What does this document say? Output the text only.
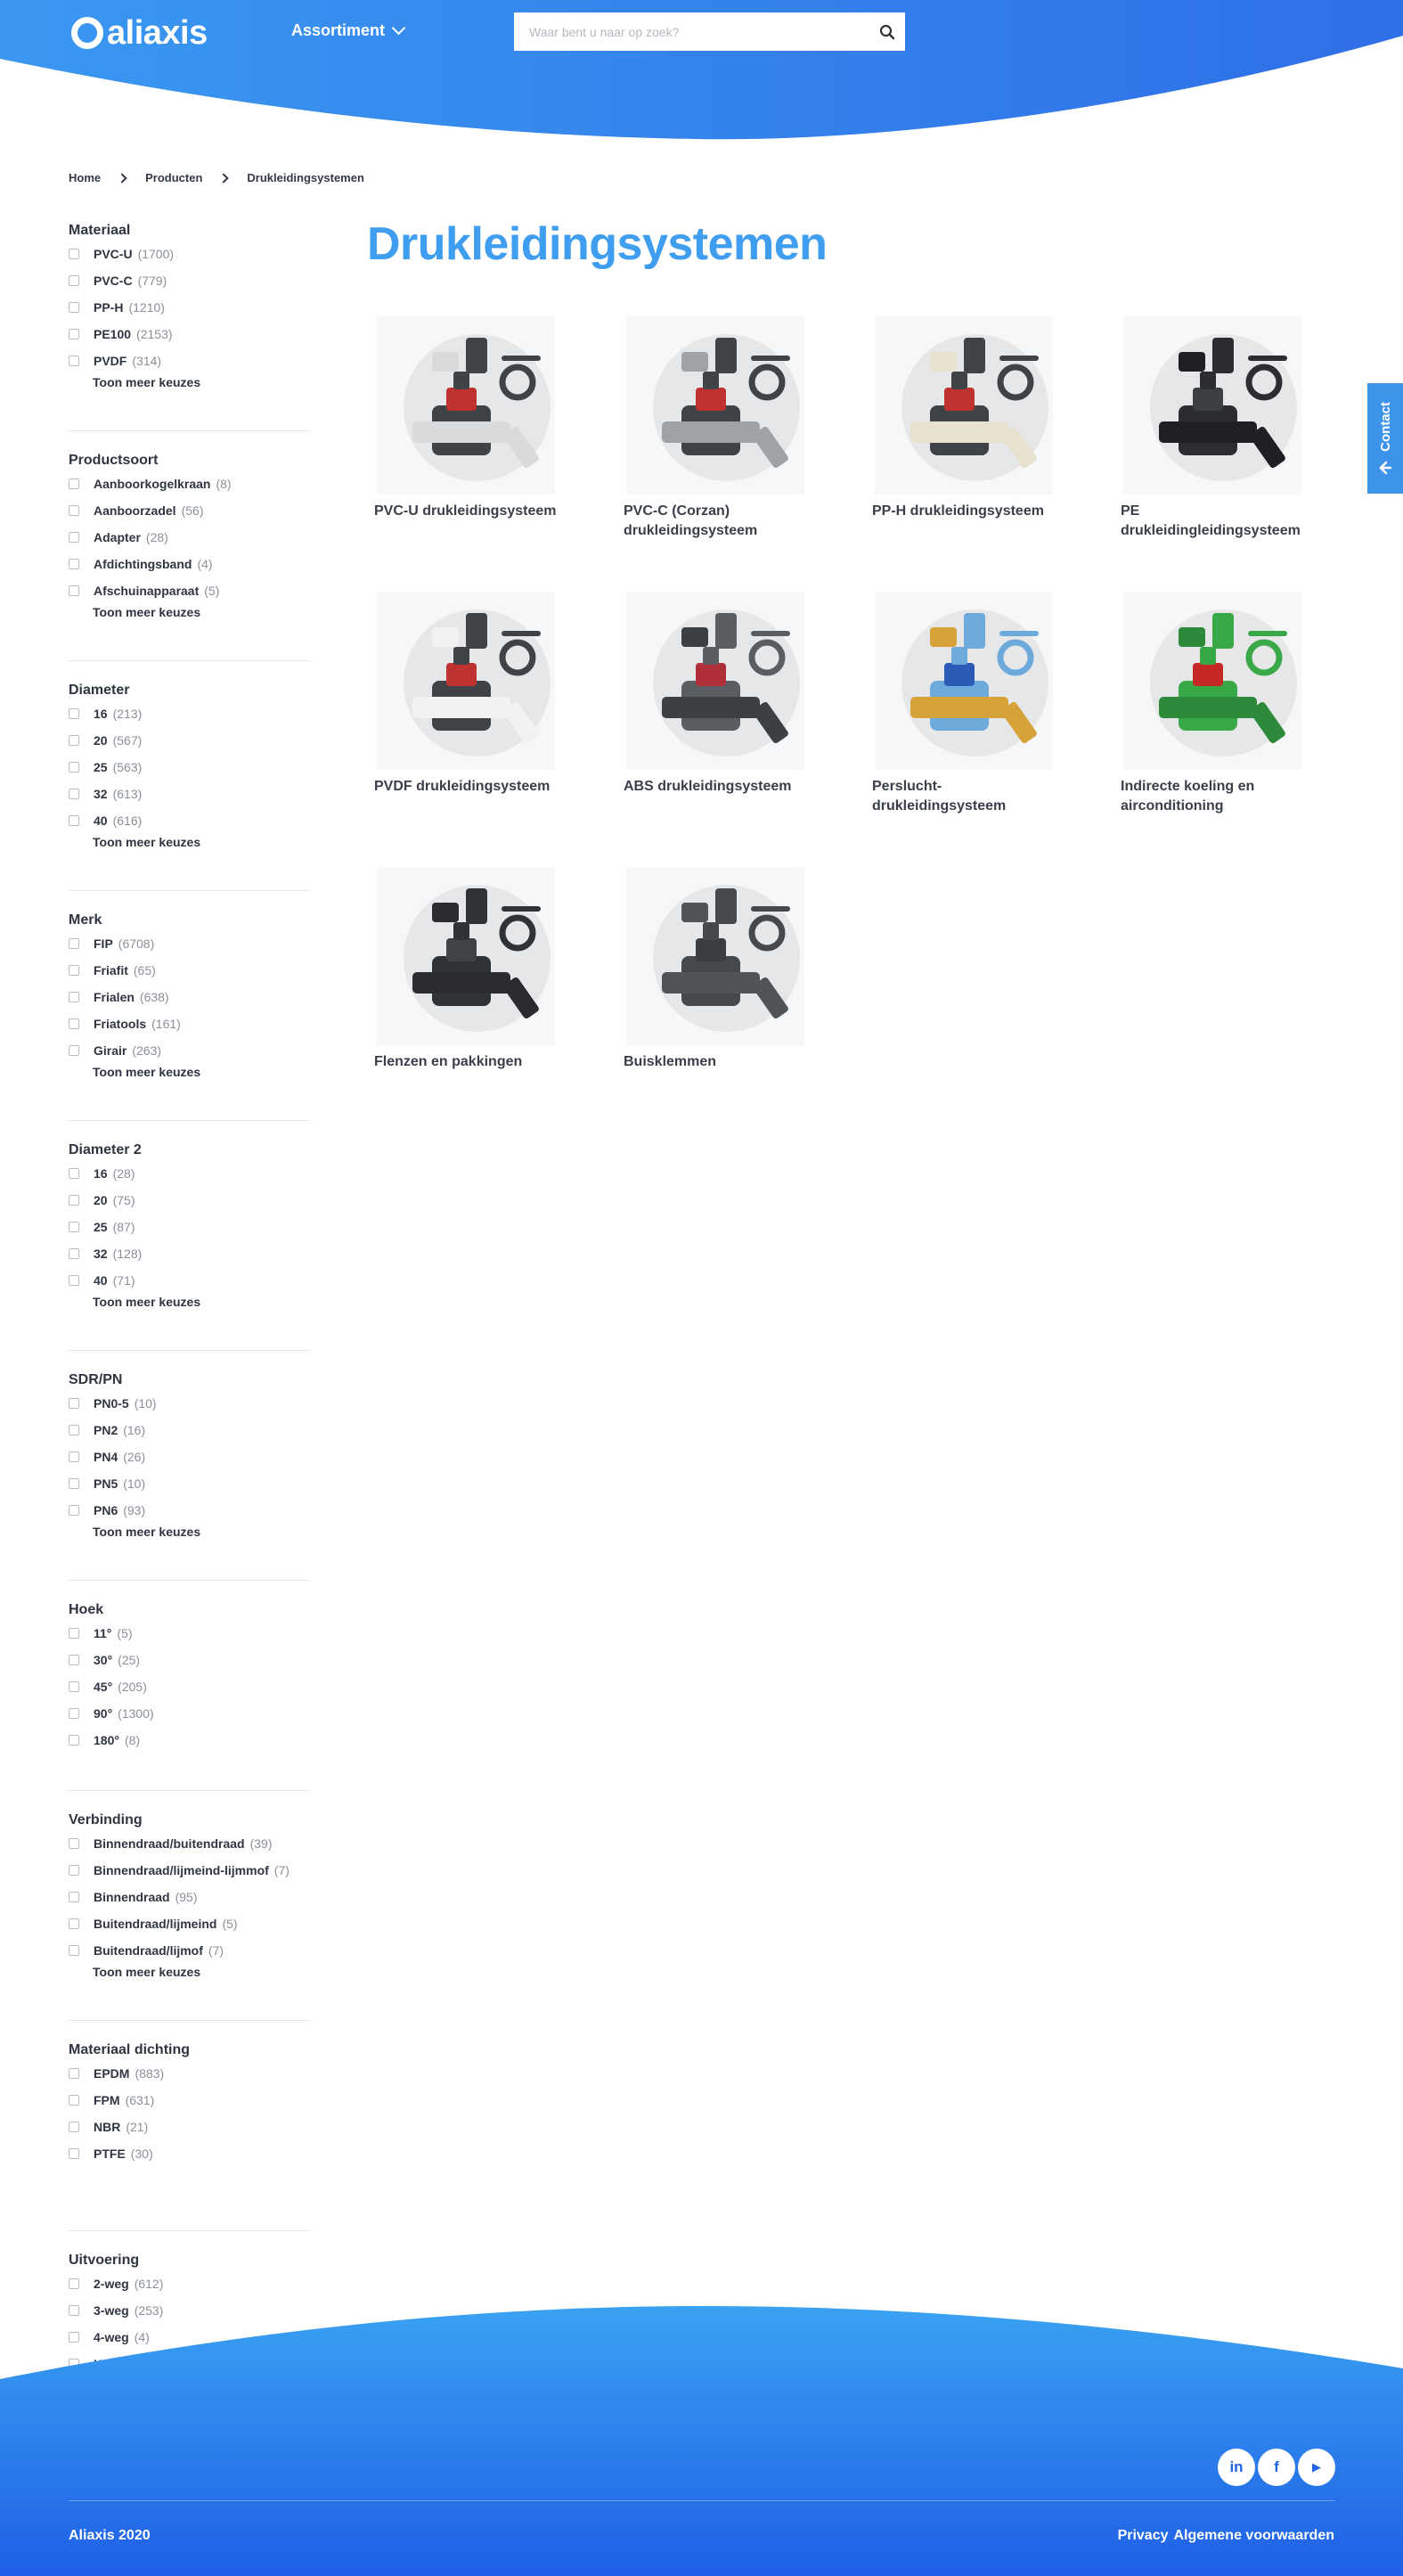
aliaxis	Assortiment
Waar bent u naar op zoek?
Contact
Home	Producten	Drukleidingsystemen
Materiaal
PVC-U (1700)
PVC-C (779)
PP-H (1210)
PE100 (2153)
PVDF (314)
Toon meer keuzes
Productsoort
Aanboorkogelkraan (8)
Aanboorzadel (56)
Adapter (28)
Afdichtingsband (4)
Afschuinapparaat (5)
Toon meer keuzes
Diameter
16 (213)
20 (567)
25 (563)
32 (613)
40 (616)
Toon meer keuzes
Merk
FIP (6708)
Friafit (65)
Frialen (638)
Friatools (161)
Girair (263)
Toon meer keuzes
Diameter 2
16 (28)
20 (75)
25 (87)
32 (128)
40 (71)
Toon meer keuzes
SDR/PN
PN0-5 (10)
PN2 (16)
PN4 (26)
PN5 (10)
PN6 (93)
Toon meer keuzes
Hoek
11° (5)
30° (25)
45° (205)
90° (1300)
180° (8)
Verbinding
Binnendraad/buitendraad (39)
Binnendraad/lijmeind-lijmmof (7)
Binnendraad (95)
Buitendraad/lijmeind (5)
Buitendraad/lijmof (7)
Toon meer keuzes
Materiaal dichting
EPDM (883)
FPM (631)
NBR (21)
PTFE (30)
Uitvoering
2-weg (612)
3-weg (253)
4-weg (4)
Drukleidingsystemen
PVC-U drukleidingsysteem	PVC-C (Corzan) drukleidingsysteem
PP-H drukleidingsysteem	PE drukleidingleidingsysteem
PVDF drukleidingsysteem	ABS drukleidingsysteem	Perslucht-drukleidingsysteem
Indirecte koeling en airconditioning
Flenzen en pakkingen	Buisklemmen
in	f	▶
Aliaxis 2020	Privacy Algemene voorwaarden
